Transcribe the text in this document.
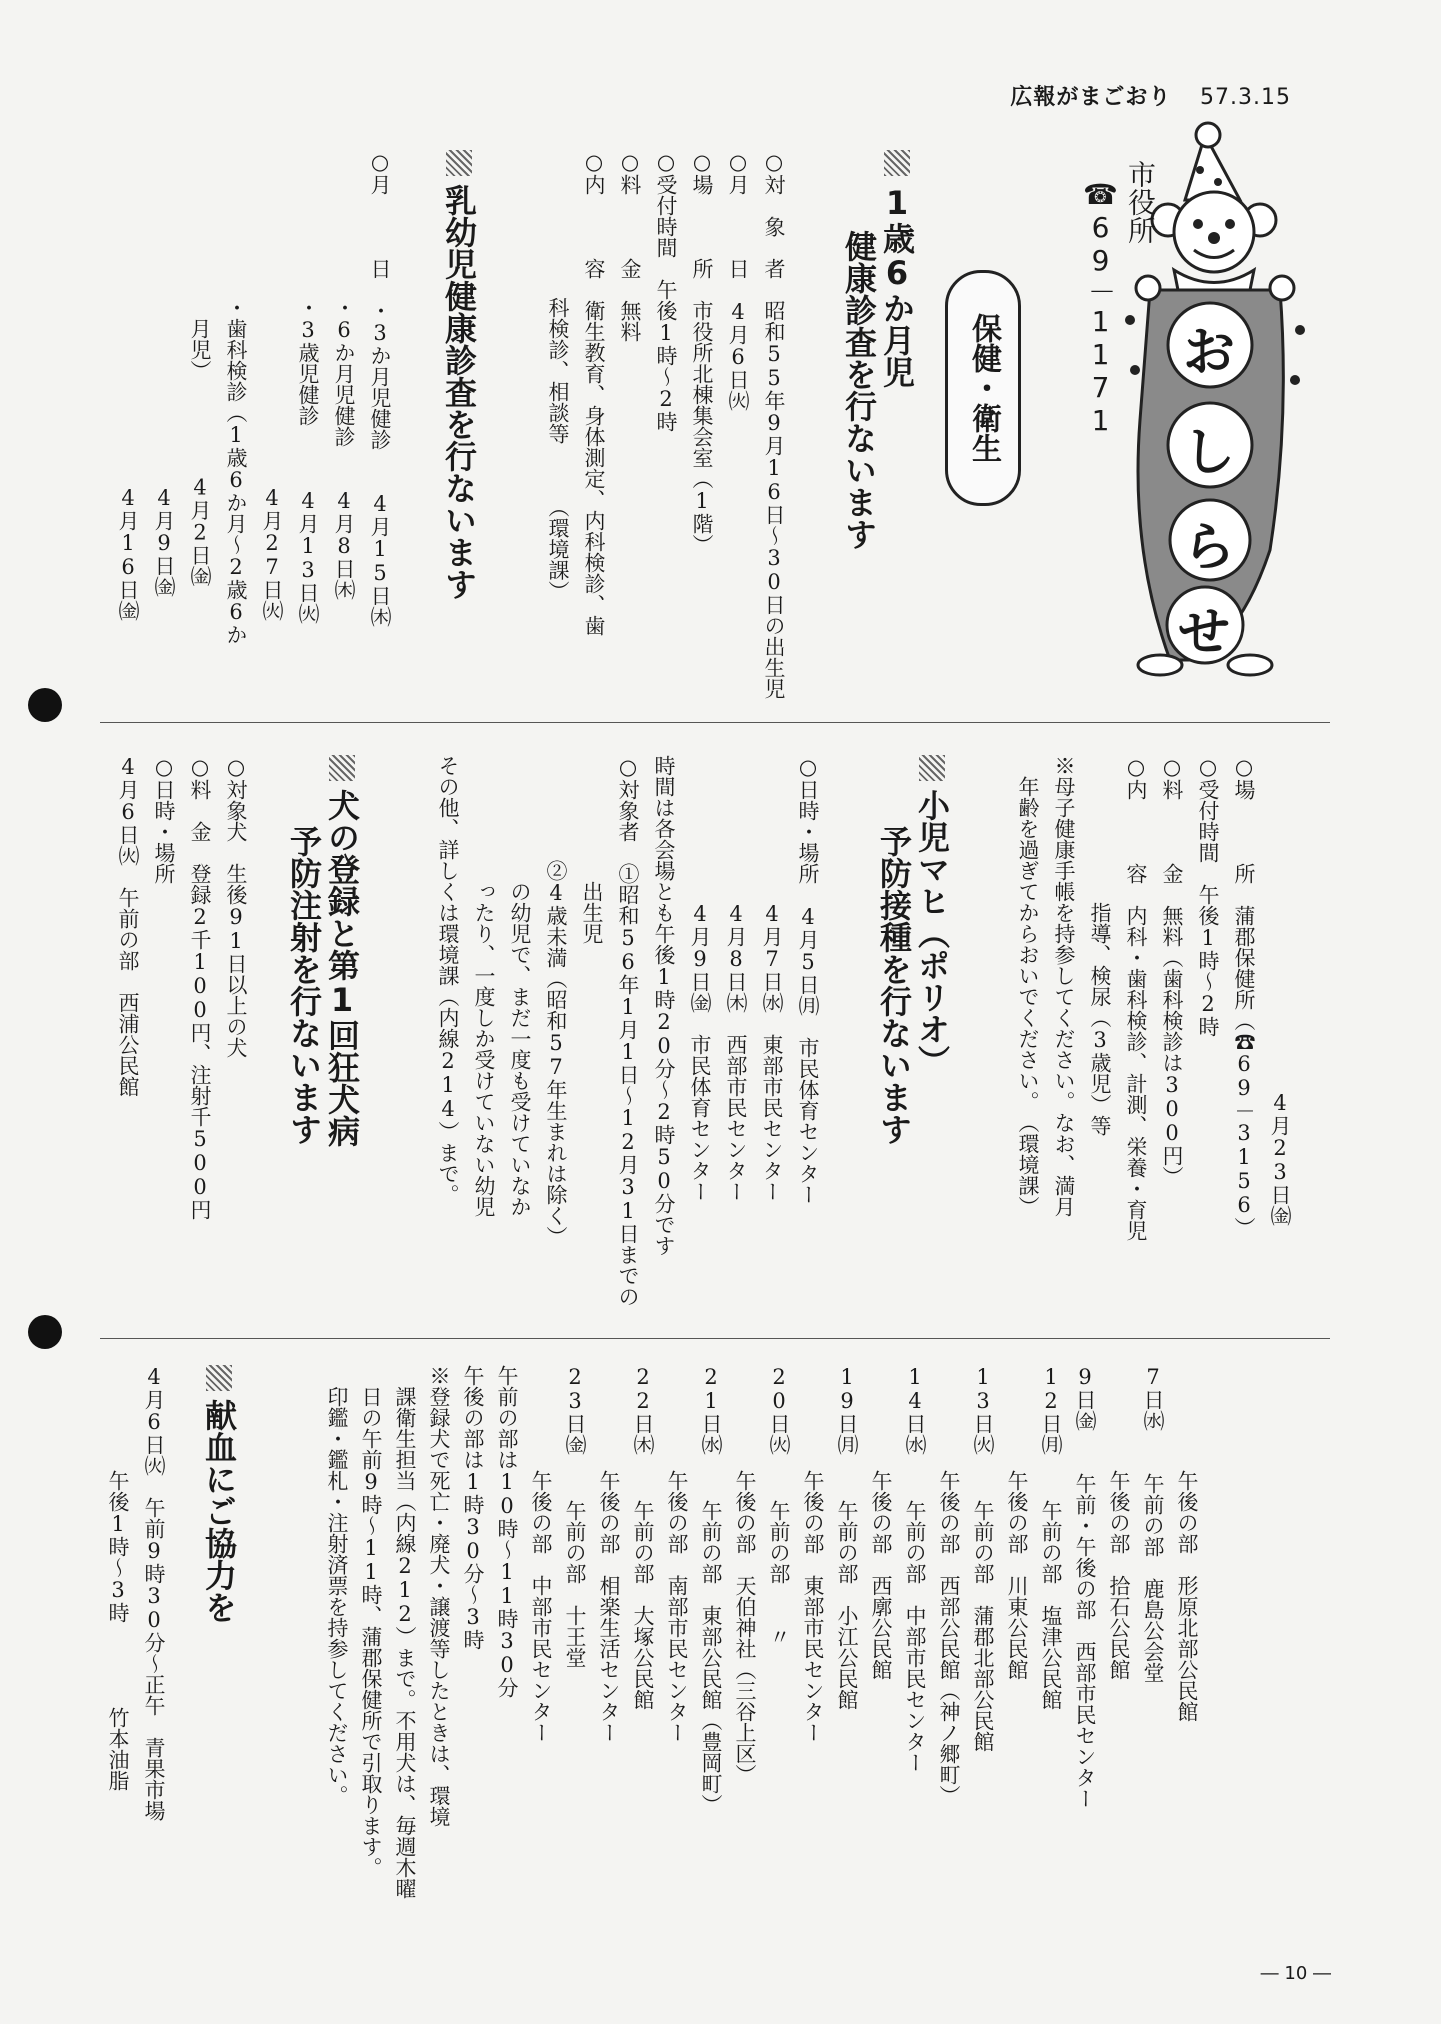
広報がまごおり 57.3.15
お
し
ら
せ
市役所
☎69－1171
保健・衛生
1歳6か月児
健康診査を行ないます
○対　象　者　昭和55年9月16日～30日の出生児
○月　　　日　4月6日㈫
○場　　　所　市役所北棟集会室（1階）
○受付時間　午後1時～2時
○料　　　金　無料
○内　　　容　衛生教育、身体測定、内科検診、歯
　　　　　　　科検診、相談等　　　（環境課）
乳幼児健康診査を行ないます
○月　　　日　・3か月児健診　　4月15日㈭
　　　　　　　・6か月児健診　　4月8日㈭
　　　　　　　・3歳児健診　　　4月13日㈫
　　　　　　　　　　　　　　　　4月27日㈫
　　　　　　　・歯科検診（1歳6か月～2歳6か
　　　　　　　　月児）　　　　　4月2日㈮
　　　　　　　　　　　　　　　　4月9日㈮
　　　　　　　　　　　　　　　　4月16日㈮
　　　　　　　　　　　　　　　　4月23日㈮
○場　　　所　蒲郡保健所（☎69－3156）
○受付時間　午後1時～2時
○料　　　金　無料（歯科検診は300円）
○内　　　容　内科・歯科検診、計測、栄養・育児
　　　　　　　指導、検尿（3歳児）等
※母子健康手帳を持参してください。なお、満月
　年齢を過ぎてからおいでください。　（環境課）
小児マヒ（ポリオ）
予防接種を行ないます
○日時・場所　4月5日㈪　市民体育センター
　　　　　　　4月7日㈬　東部市民センター
　　　　　　　4月8日㈭　西部市民センター
　　　　　　　4月9日㈮　市民体育センター
時間は各会場とも午後1時20分～2時50分です
○対象者　①昭和56年1月1日～12月31日までの
　　　　　　出生児
　　　　　②4歳未満（昭和57年生まれは除く）
　　　　　　の幼児で、まだ一度も受けていなか
　　　　　　ったり、一度しか受けていない幼児
その他、詳しくは環境課（内線214）まで。
犬の登録と第1回狂犬病
予防注射を行ないます
○対象犬　生後91日以上の犬
○料　金　登録2千100円、注射千500円
○日時・場所
4月6日㈫　午前の部　西浦公民館
　　　　　午後の部　形原北部公民館
7日㈬　　午前の部　鹿島公会堂
　　　　　午後の部　拾石公民館
9日㈮　　午前・午後の部　西部市民センター
12日㈪　 午前の部　塩津公民館
　　　　　午後の部　川東公民館
13日㈫　 午前の部　蒲郡北部公民館
　　　　　午後の部　西部公民館（神ノ郷町）
14日㈬　 午前の部　中部市民センター
　　　　　午後の部　西廓公民館
19日㈪　 午前の部　小江公民館
　　　　　午後の部　東部市民センター
20日㈫　 午前の部　　〃
　　　　　午後の部　天伯神社（三谷上区）
21日㈬　 午前の部　東部公民館（豊岡町）
　　　　　午後の部　南部市民センター
22日㈭　 午前の部　大塚公民館
　　　　　午後の部　相楽生活センター
23日㈮　 午前の部　十王堂
　　　　　午後の部　中部市民センター
午前の部は10時～11時30分
午後の部は1時30分～3時
※登録犬で死亡・廃犬・譲渡等したときは、環境
　課衛生担当（内線212）まで。不用犬は、毎週木曜
　日の午前9時～11時、蒲郡保健所で引取ります。
　印鑑・鑑札・注射済票を持参してください。
献血にご協力を
4月6日㈫　午前9時30分～正午　青果市場
　　　　　午後1時～3時　　　　竹本油脂
― 10 ―
